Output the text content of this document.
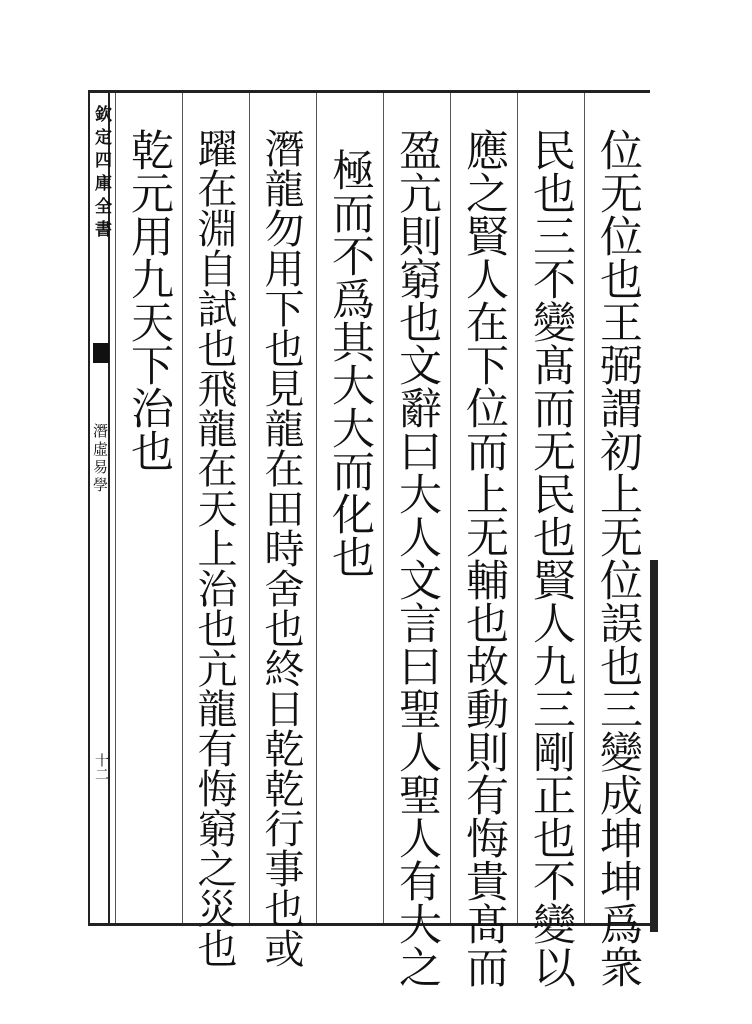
欽定四庫全書
潛虛易學
十二	位无位也王弼謂初上无位誤也三變成坤坤爲衆
民也三不變髙而无民也賢人九三剛正也不變以
應之賢人在下位而上无輔也故動則有悔貴髙而
盈亢則窮也文辭曰大人文言曰聖人聖人有大之
極而不爲其大大而化也
潛龍勿用下也見龍在田時舍也終日乾乾行事也或
躍在淵自試也飛龍在天上治也亢龍有悔窮之災也
乾元用九天下治也
